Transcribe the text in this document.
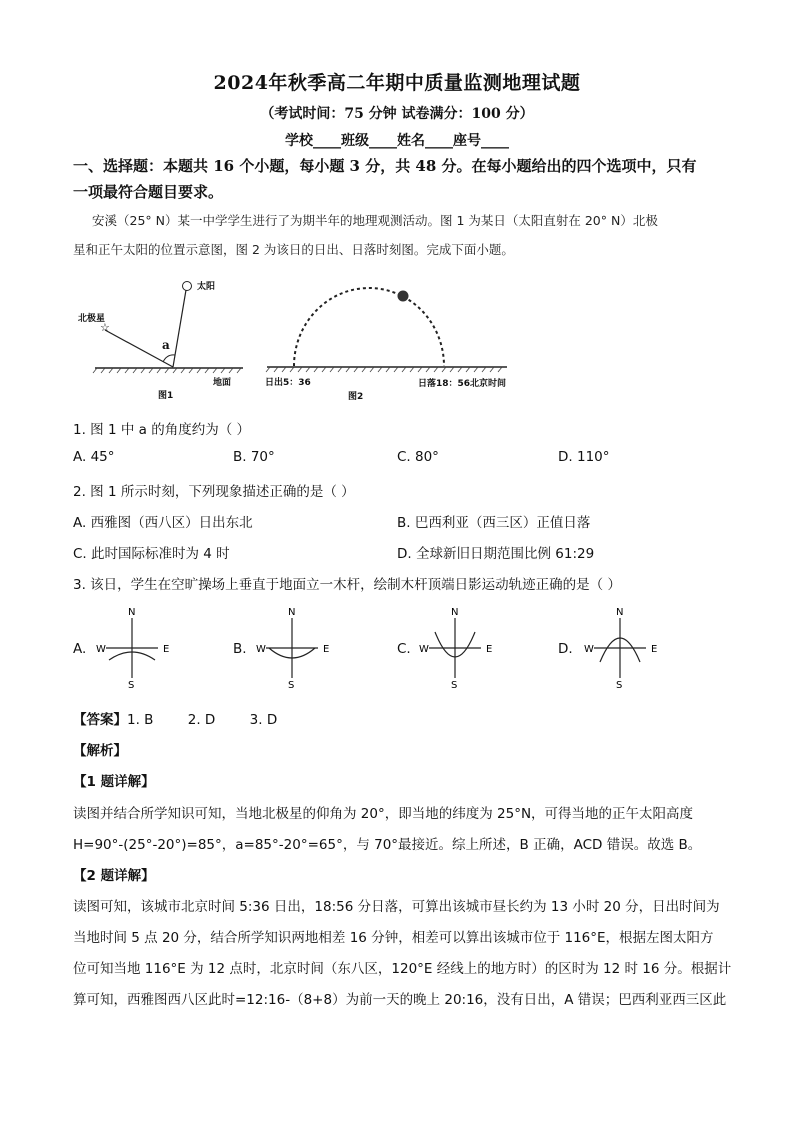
2024年秋季高二年期中质量监测地理试题
（考试时间：75 分钟 试卷满分：100 分）
学校____班级____姓名____座号____
一、选择题：本题共 16 个小题，每小题 3 分，共 48 分。在每小题给出的四个选项中，只有
一项最符合题目要求。
安溪（25° N）某一中学学生进行了为期半年的地理观测活动。图 1 为某日（太阳直射在 20° N）北极
星和正午太阳的位置示意图，图 2 为该日的日出、日落时刻图。完成下面小题。
☆
太阳
北极星
a
地面
图1
日出5：36	日落18：56北京时间
图2
1. 图 1 中 a 的角度约为（ ）
A. 45°	B. 70°	C. 80°	D. 110°
2. 图 1 所示时刻，下列现象描述正确的是（ ）
A. 西雅图（西八区）日出东北	B. 巴西利亚（西三区）正值日落
C. 此时国际标准时为 4 时	D. 全球新旧日期范围比例 61:29
3. 该日，学生在空旷操场上垂直于地面立一木杆，绘制木杆顶端日影运动轨迹正确的是（ ）
A.
N
S
E
W	B.
N
S
E
W	C.
N
S
E
W	D.
N
S
E
W
【答案】1. B        2. D        3. D
【解析】
【1 题详解】
读图并结合所学知识可知，当地北极星的仰角为 20°，即当地的纬度为 25°N，可得当地的正午太阳高度
H=90°-(25°-20°)=85°，a=85°-20°=65°，与 70°最接近。综上所述，B 正确，ACD 错误。故选 B。
【2 题详解】
读图可知，该城市北京时间 5:36 日出，18:56 分日落，可算出该城市昼长约为 13 小时 20 分，日出时间为
当地时间 5 点 20 分，结合所学知识两地相差 16 分钟，相差可以算出该城市位于 116°E，根据左图太阳方
位可知当地 116°E 为 12 点时，北京时间（东八区，120°E 经线上的地方时）的区时为 12 时 16 分。根据计
算可知，西雅图西八区此时=12:16-（8+8）为前一天的晚上 20:16，没有日出，A 错误；巴西利亚西三区此
